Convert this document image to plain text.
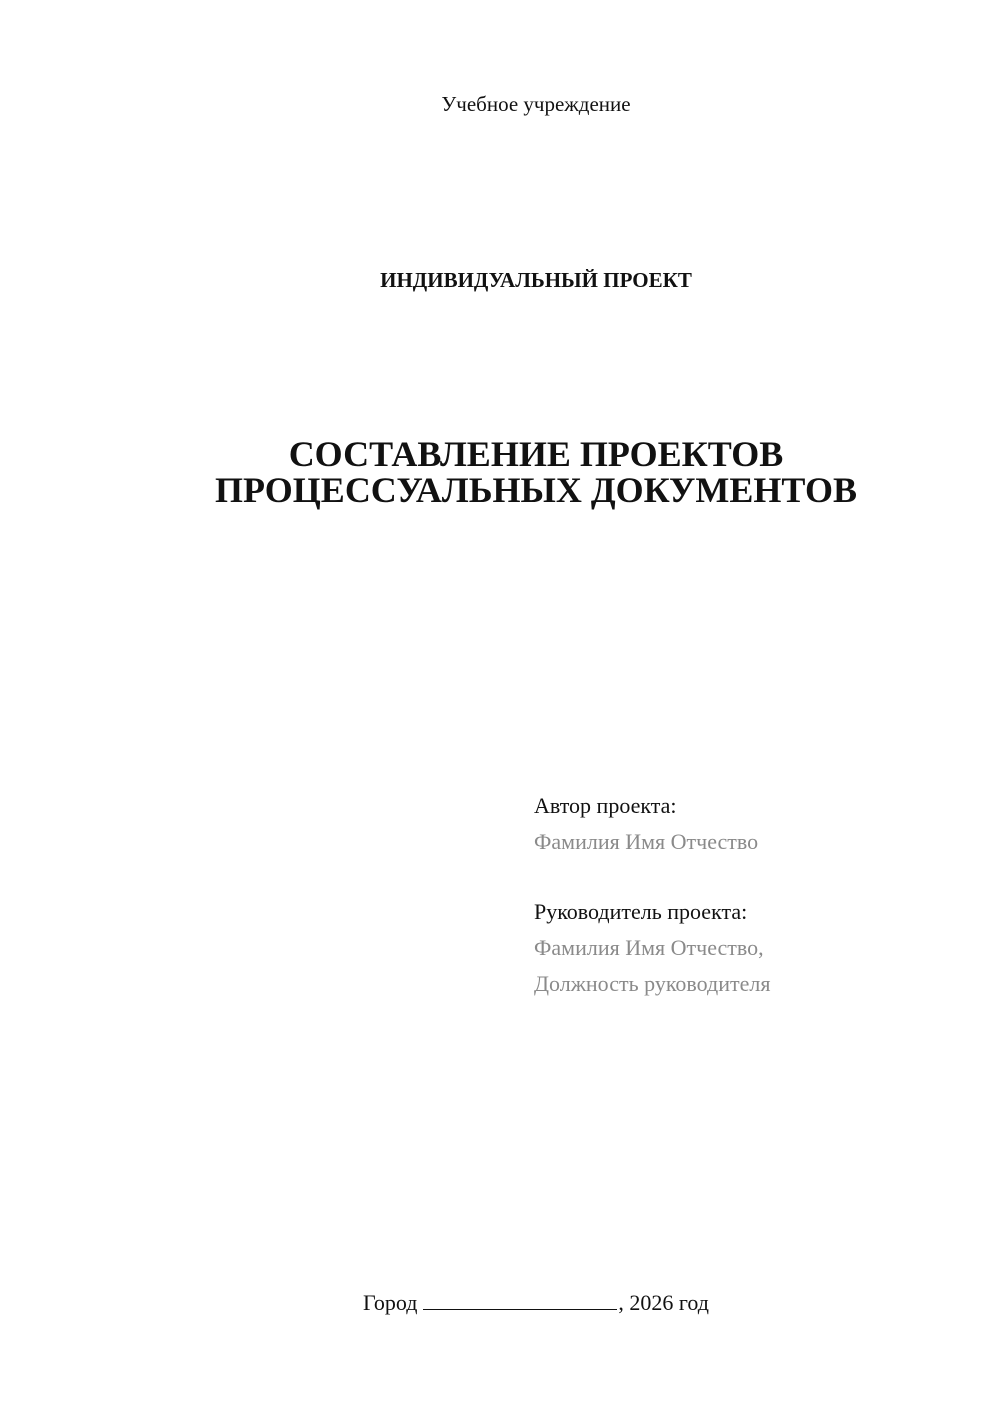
Учебное учреждение
ИНДИВИДУАЛЬНЫЙ ПРОЕКТ
СОСТАВЛЕНИЕ ПРОЕКТОВ
ПРОЦЕССУАЛЬНЫХ ДОКУМЕНТОВ
Автор проекта:
Фамилия Имя Отчество
Руководитель проекта:
Фамилия Имя Отчество,
Должность руководителя
Город	, 2026 год
